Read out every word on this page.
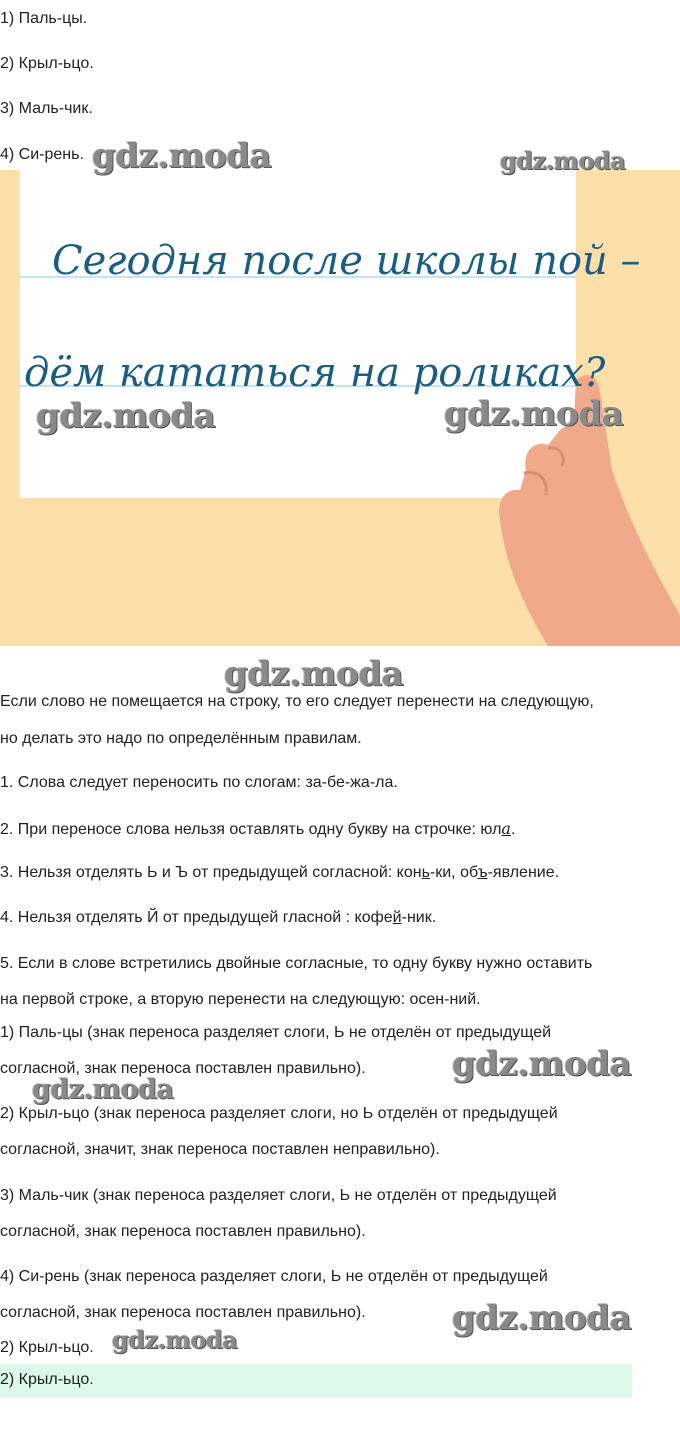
1) Паль-цы.
2) Крыл-ьцо.
3) Маль-чик.
4) Си-рень.
Сегодня после школы пой –
дём кататься на роликах?
gdz.moda	gdz.moda
gdz.moda	gdz.moda
gdz.moda
gdz.moda
gdz.moda
gdz.moda
gdz.moda
Если слово не помещается на строку, то его следует перенести на следующую,
но делать это надо по определённым правилам.
1. Слова следует переносить по слогам: за-бе-жа-ла.
2. При переносе слова нельзя оставлять одну букву на строчке: юла.
3. Нельзя отделять Ь и Ъ от предыдущей согласной: конь-ки, объ-явление.
4. Нельзя отделять Й от предыдущей гласной : кофей-ник.
5. Если в слове встретились двойные согласные, то одну букву нужно оставить
на первой строке, а вторую перенести на следующую: осен-ний.
1) Паль-цы (знак переноса разделяет слоги, Ь не отделён от предыдущей
согласной, знак переноса поставлен правильно).
2) Крыл-ьцо (знак переноса разделяет слоги, но Ь отделён от предыдущей
согласной, значит, знак переноса поставлен неправильно).
3) Маль-чик (знак переноса разделяет слоги, Ь не отделён от предыдущей
согласной, знак переноса поставлен правильно).
4) Си-рень (знак переноса разделяет слоги, Ь не отделён от предыдущей
согласной, знак переноса поставлен правильно).
2) Крыл-ьцо.
2) Крыл-ьцо.
